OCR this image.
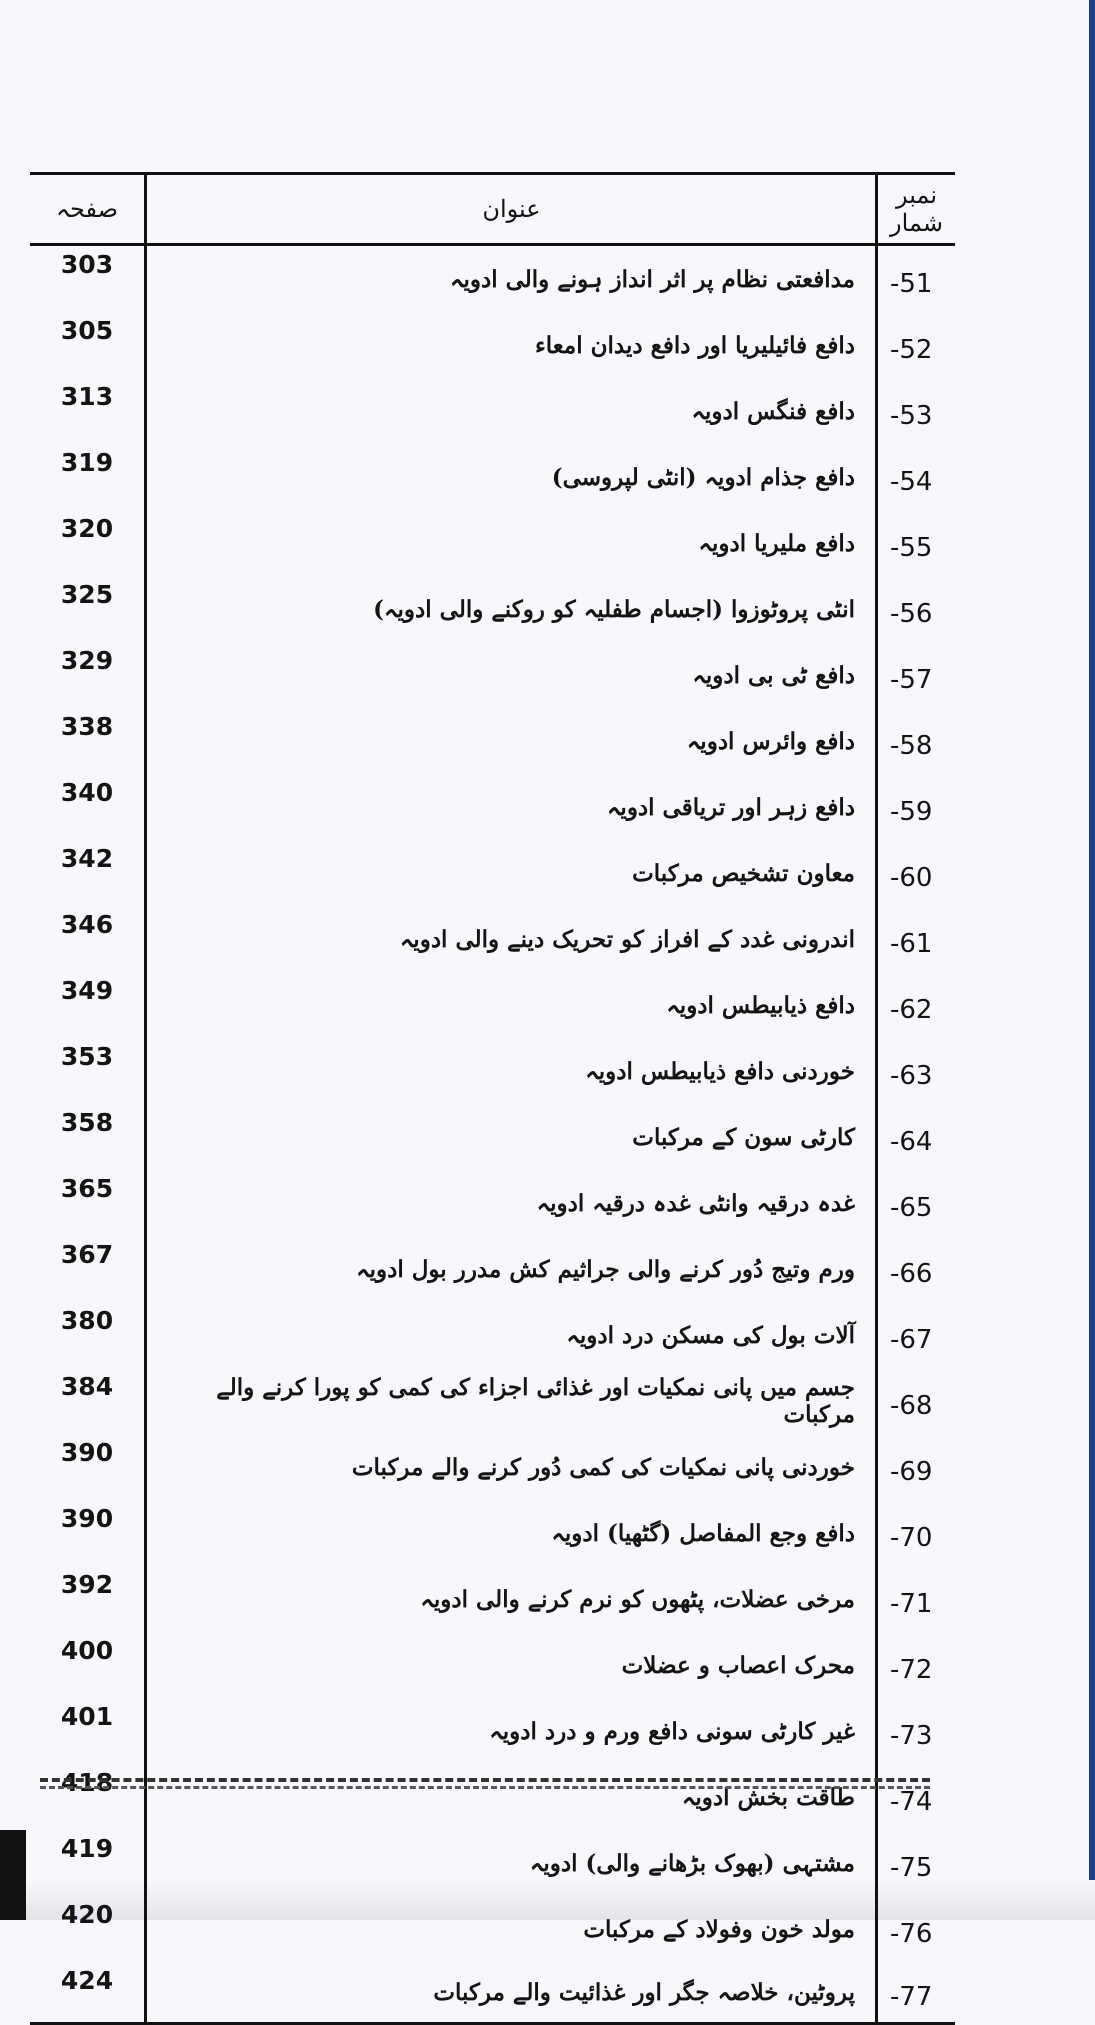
صفحہ	عنوان	نمبر شمار
303	مدافعتی نظام پر اثر انداز ہونے والی ادویہ	-51
305	دافع فائیلیریا اور دافع دیدان امعاء	-52
313	دافع فنگس ادویہ	-53
319	دافع جذام ادویہ (انٹی لپروسی)	-54
320	دافع ملیریا ادویہ	-55
325	انٹی پروٹوزوا (اجسام طفلیہ کو روکنے والی ادویہ)	-56
329	دافع ٹی بی ادویہ	-57
338	دافع وائرس ادویہ	-58
340	دافع زہر اور تریاقی ادویہ	-59
342	معاون تشخیص مرکبات	-60
346	اندرونی غدد کے افراز کو تحریک دینے والی ادویہ	-61
349	دافع ذیابیطس ادویہ	-62
353	خوردنی دافع ذیابیطس ادویہ	-63
358	کارٹی سون کے مرکبات	-64
365	غدہ درقیہ وانٹی غدہ درقیہ ادویہ	-65
367	ورم وتیج دُور کرنے والی جراثیم کش مدرر بول ادویہ	-66
380	آلات بول کی مسکن درد ادویہ	-67
384	جسم میں پانی نمکیات اور غذائی اجزاء کی کمی کو پورا کرنے والے مرکبات	-68
390	خوردنی پانی نمکیات کی کمی دُور کرنے والے مرکبات	-69
390	دافع وجع المفاصل (گٹھیا) ادویہ	-70
392	مرخی عضلات، پٹھوں کو نرم کرنے والی ادویہ	-71
400	محرک اعصاب و عضلات	-72
401	غیر کارٹی سونی دافع ورم و درد ادویہ	-73
418	طاقت بخش ادویہ	-74
419	مشتہی (بھوک بڑھانے والی) ادویہ	-75
420	مولد خون وفولاد کے مرکبات	-76
424	پروٹین، خلاصہ جگر اور غذائیت والے مرکبات	-77
